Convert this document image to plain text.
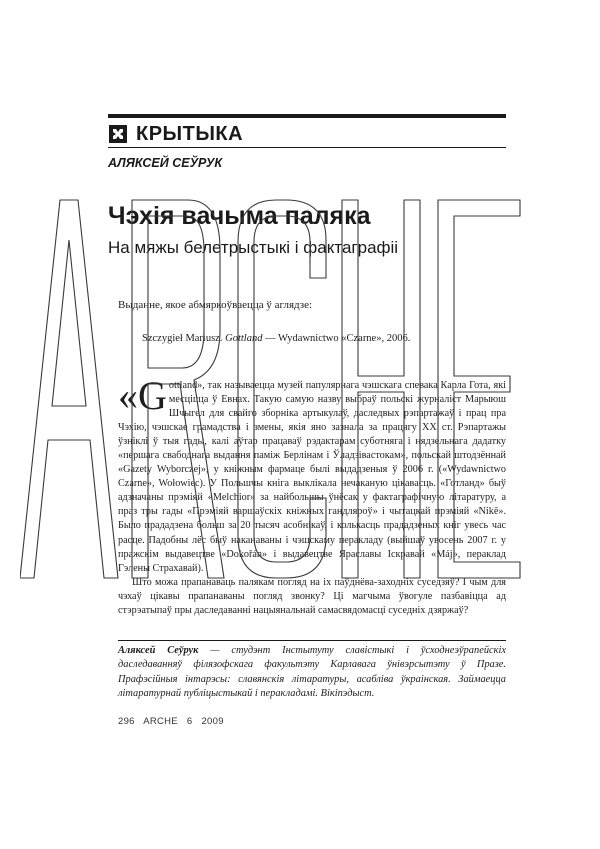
КРЫТЫКА
АЛЯКСЕЙ СЕЎРУК
Чэхія вачыма паляка
На мяжы белетрыстыкі і фактаграфіі
Выданне, якое абмяркоўваецца ў аглядзе:
Szczygieł Mariusz. Gottland — Wydawnictwo «Czarne», 2006.

«G ottland», так называецца музей папулярнага чэшскага спевака Карла Гота, які месціцца ў Евнах. Такую самую назву выбраў польскі журналіст Марыюш Шчыгел для свайго зборніка артыкулаў, даследвых рэпартажаў і прац пра Чэхію, чэшскае грамадства і змены, якія яно зазнала за працягу XX ст. Рэпартажы ўзніклі ў тыя гады, калі аўтар працаваў рэдактарам суботняга і нядзельнага дадатку «першага свабоднага выдання паміж Берлінам і Ўладзівастокам», польскай штодзённай «Gazety Wyborczej», у кніжным фармаце былі выдадзеныя ў 2006 г. («Wydawnictwo Czarne», Wołowiec). У Польшчы кніга выклікала нечаканую цікавасць. «Готланд» быў адзначаны прэміяй «Melchior» за найбольшы ўнёсак у фактаграфічную літаратуру, а праз тры гады «Прэміяй варшаўскіх кніжных гандляроў» і чытацкай прэміяй «Nikē». Было прададзена больш за 20 тысяч асобнікаў, і колькасць прададзеных кніг увесь час расце. Падобны лёс быў наканаваны і чэшскаму перакладу (выйшаў увосень 2007 г. у пражскім выдавецтве «Dokořán» і выдавецтве Яраславы Іскравай «Máj», пераклад Гэлены Страхавай).

Што можа прапанаваць палякам погляд на іх паўднёва-заходніх суседзяў? І чым для чэхаў цікавы прапанаваны погляд звонку? Ці магчыма ўвогуле пазбавіцца ад стэрэатыпаў пры даследаванні нацыянальнай самасвядомасці суседніх дзяржаў?

Аляксей Сеўрук — студэнт Інстытуту славістыкі і ўсходнеэўрапейскіх даследаванняў філязофскага факультэту Карлавага ўнівэрсытэту ў Празе. Прафэсійныя інтарэсы: славянскія літаратуры, асабліва ўкраінская. Займаецца літаратурнай публіцыстыкай і перакладамі. Вікіпэдыст.
296 ARCHE 6 2009
